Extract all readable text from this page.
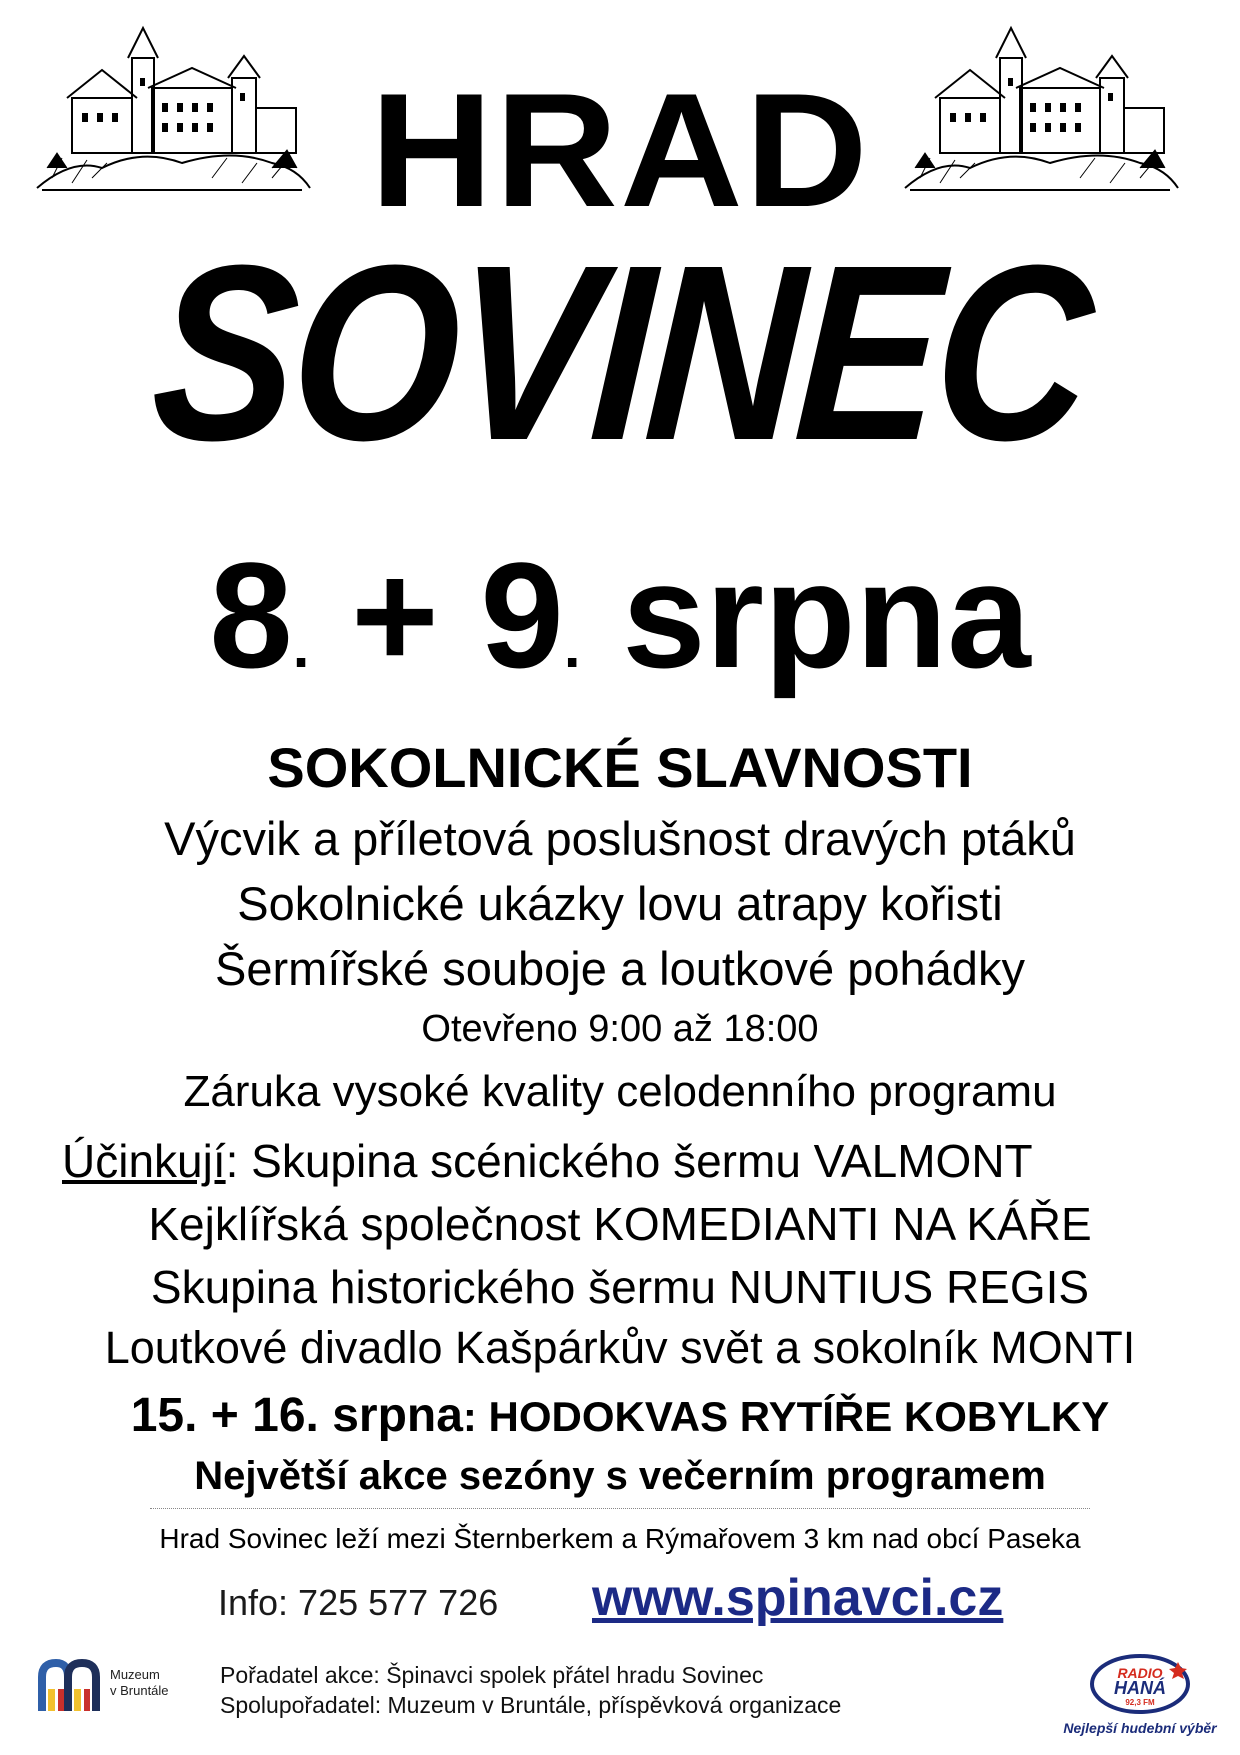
HRAD
SOVINEC
8. + 9. srpna
SOKOLNICKÉ SLAVNOSTI
Výcvik a příletová poslušnost dravých ptáků
Sokolnické ukázky lovu atrapy kořisti
Šermířské souboje a loutkové pohádky
Otevřeno 9:00 až 18:00
Záruka vysoké kvality celodenního programu
Účinkují: Skupina scénického šermu VALMONT
Kejklířská společnost KOMEDIANTI NA KÁŘE
Skupina historického šermu NUNTIUS REGIS
Loutkové divadlo Kašpárkův svět a sokolník MONTI
15. + 16. srpna: HODOKVAS RYTÍŘE KOBYLKY
Největší akce sezóny s večerním programem
Hrad Sovinec leží mezi Šternberkem a Rýmařovem 3 km nad obcí Paseka
Info: 725 577 726 www.spinavci.cz
Pořadatel akce: Špinavci spolek přátel hradu Sovinec
Spolupořadatel: Muzeum v Bruntále, příspěvková organizace
Muzeum
v Bruntále
RADIO
HANÁ
92,3 FM
Nejlepší hudební výběr
